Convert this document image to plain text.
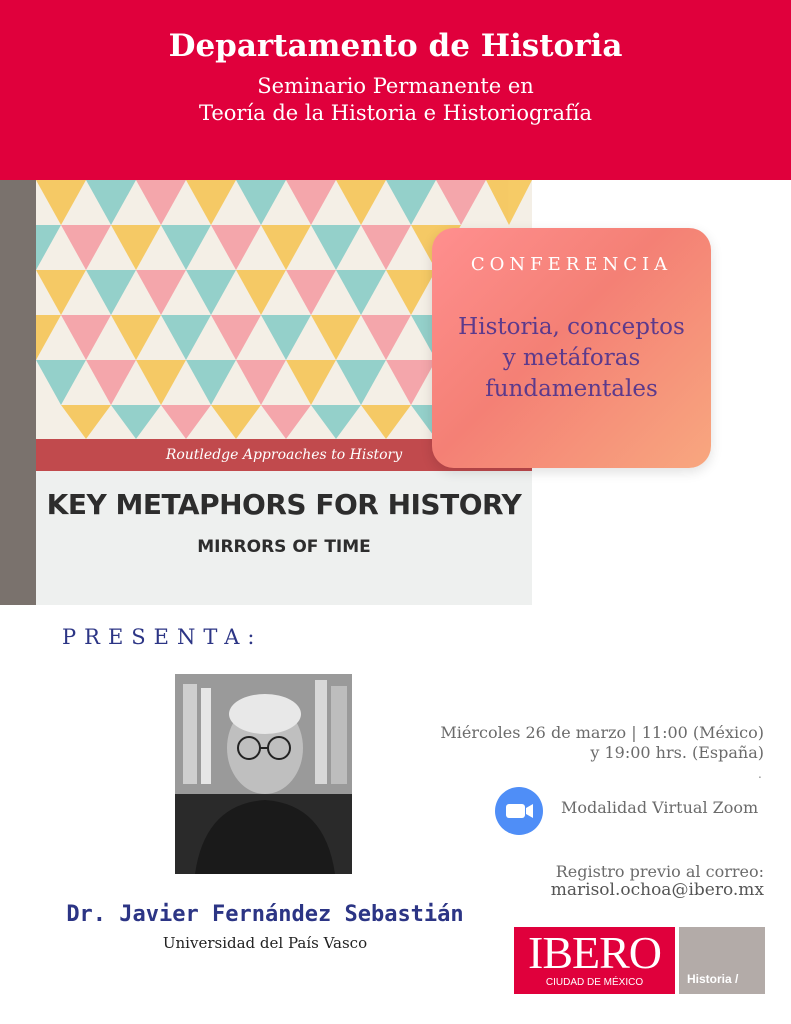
Departamento de Historia
Seminario Permanente en
Teoría de la Historia e Historiografía
Routledge Approaches to History
KEY METAPHORS FOR HISTORY
MIRRORS OF TIME
CONFERENCIA
Historia, conceptos
y metáforas
fundamentales
PRESENTA:
Dr. Javier Fernández Sebastián
Universidad del País Vasco
Miércoles 26 de marzo | 11:00 (México)
y 19:00 hrs. (España)
.
Modalidad Virtual Zoom
Registro previo al correo:
marisol.ochoa@ibero.mx
IBERO
CIUDAD DE MÉXICO	Historia /
